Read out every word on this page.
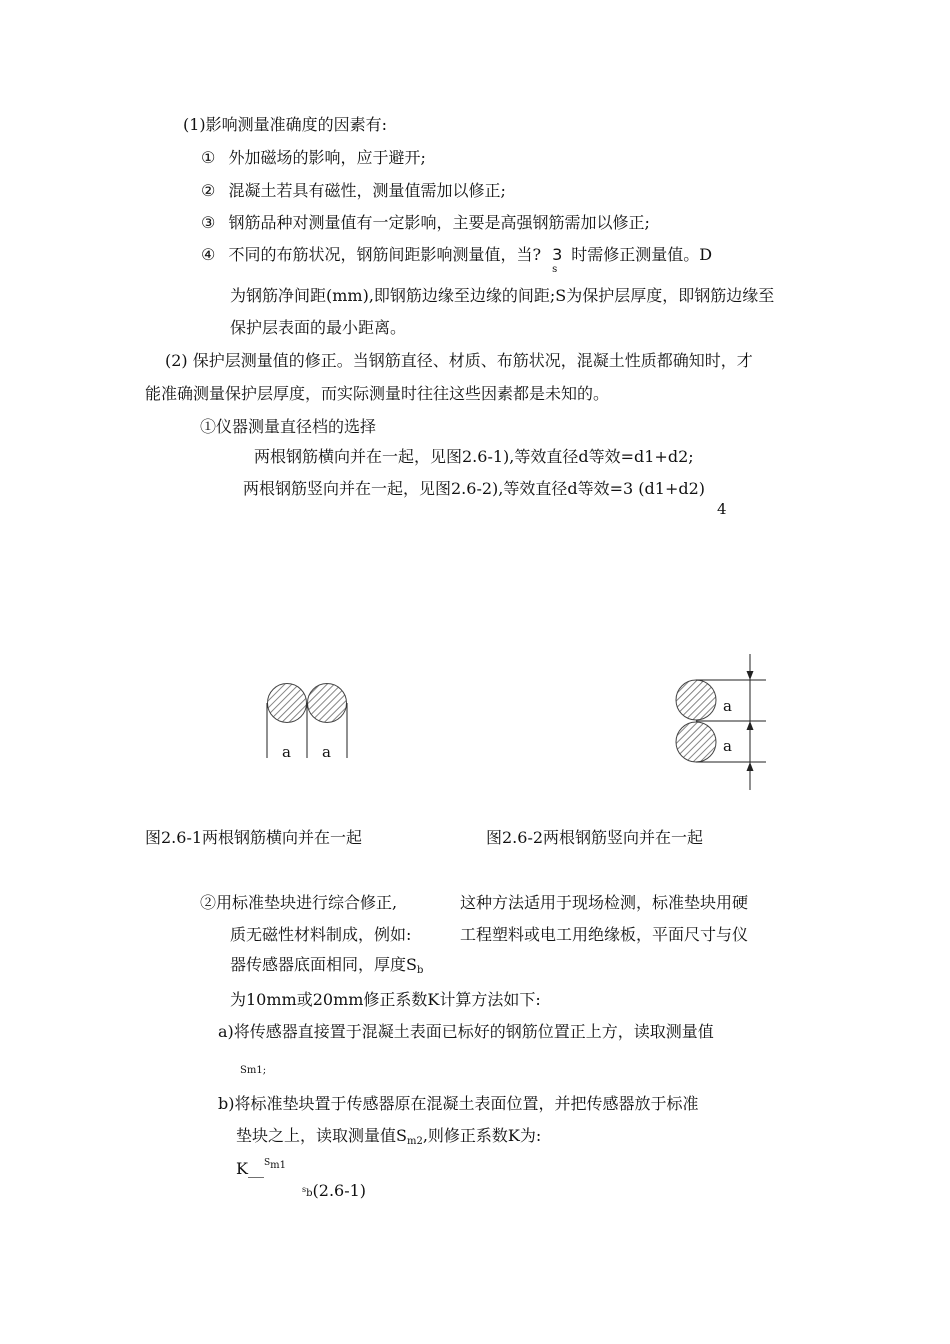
(1)影响测量准确度的因素有:
① 外加磁场的影响，应于避开;
② 混凝土若具有磁性，测量值需加以修正;
③ 钢筋品种对测量值有一定影响，主要是高强钢筋需加以修正;
④ 不同的布筋状况，钢筋间距影响测量值，当? 3
s
时需修正测量值。D
为钢筋净间距(mm),即钢筋边缘至边缘的间距;S为保护层厚度，即钢筋边缘至
保护层表面的最小距离。
(2) 保护层测量值的修正。当钢筋直径、材质、布筋状况，混凝土性质都确知时，才
能准确测量保护层厚度，而实际测量时往往这些因素都是未知的。
①仪器测量直径档的选择
两根钢筋横向并在一起，见图2.6-1),等效直径d等效=d1+d2;
两根钢筋竖向并在一起，见图2.6-2),等效直径d等效=3 (d1+d2)
4
a a
a
a
图2.6-1两根钢筋横向并在一起	图2.6-2两根钢筋竖向并在一起
②用标准垫块进行综合修正,	这种方法适用于现场检测，标准垫块用硬
质无磁性材料制成，例如:	工程塑料或电工用绝缘板，平面尺寸与仪
器传感器底面相同，厚度$S_b$
为10mm或20mm修正系数K计算方法如下:
a)将传感器直接置于混凝土表面已标好的钢筋位置正上方，读取测量值
Sm1;
b)将标准垫块置于传感器原在混凝土表面位置，并把传感器放于标准
垫块之上，读取测量值$S_{m2}$,则修正系数K为:
K__ Sm1
$^s$b(2.6-1)
